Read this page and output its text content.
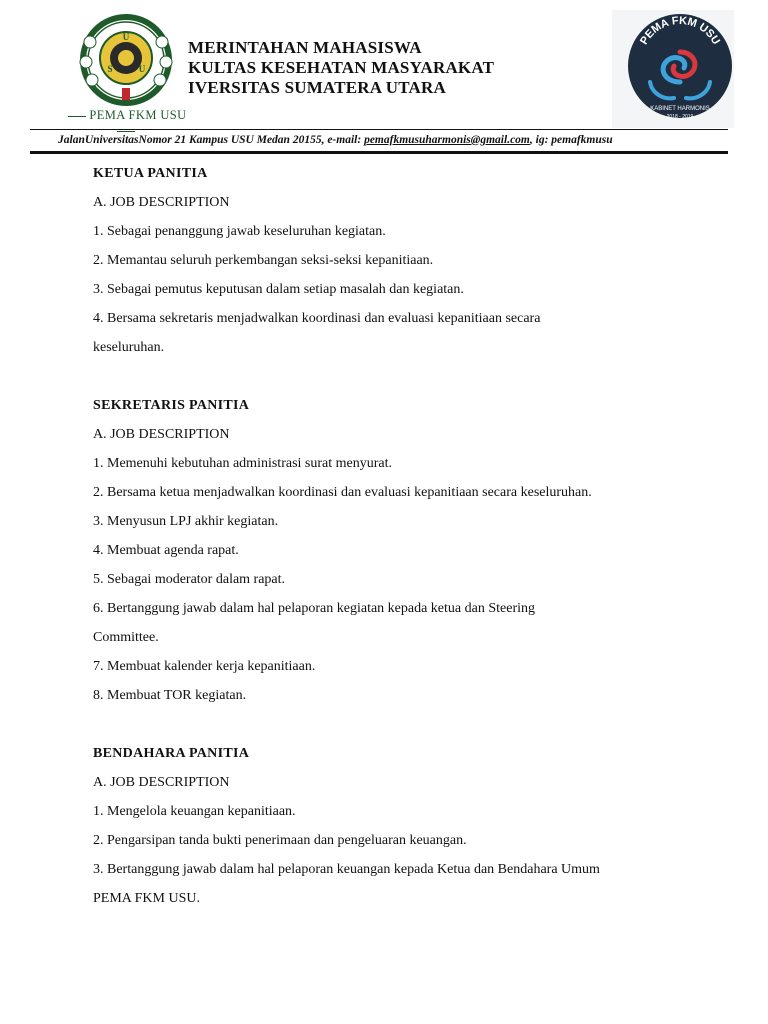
U
S	U
PEMA FKM USU
MERINTAHAN MAHASISWA
KULTAS KESEHATAN MASYARAKAT
IVERSITAS SUMATERA UTARA
PEMA FKM USU
KABINET HARMONIS
2018 - 2019
JalanUniversitasNomor 21 Kampus USU Medan 20155, e-mail: pemafkmusuharmonis@gmail.com, ig: pemafkmusu
KETUA PANITIA
A. JOB DESCRIPTION
1. Sebagai penanggung jawab keseluruhan kegiatan.
2. Memantau seluruh perkembangan seksi-seksi kepanitiaan.
3. Sebagai pemutus keputusan dalam setiap masalah dan kegiatan.
4. Bersama sekretaris menjadwalkan koordinasi dan evaluasi kepanitiaan secara
keseluruhan.
SEKRETARIS PANITIA
A. JOB DESCRIPTION
1. Memenuhi kebutuhan administrasi surat menyurat.
2. Bersama ketua menjadwalkan koordinasi dan evaluasi kepanitiaan secara keseluruhan.
3. Menyusun LPJ akhir kegiatan.
4. Membuat agenda rapat.
5. Sebagai moderator dalam rapat.
6. Bertanggung jawab dalam hal pelaporan kegiatan kepada ketua dan Steering
Committee.
7. Membuat kalender kerja kepanitiaan.
8. Membuat TOR kegiatan.
BENDAHARA PANITIA
A. JOB DESCRIPTION
1. Mengelola keuangan kepanitiaan.
2. Pengarsipan tanda bukti penerimaan dan pengeluaran keuangan.
3. Bertanggung jawab dalam hal pelaporan keuangan kepada Ketua dan Bendahara Umum
PEMA FKM USU.
